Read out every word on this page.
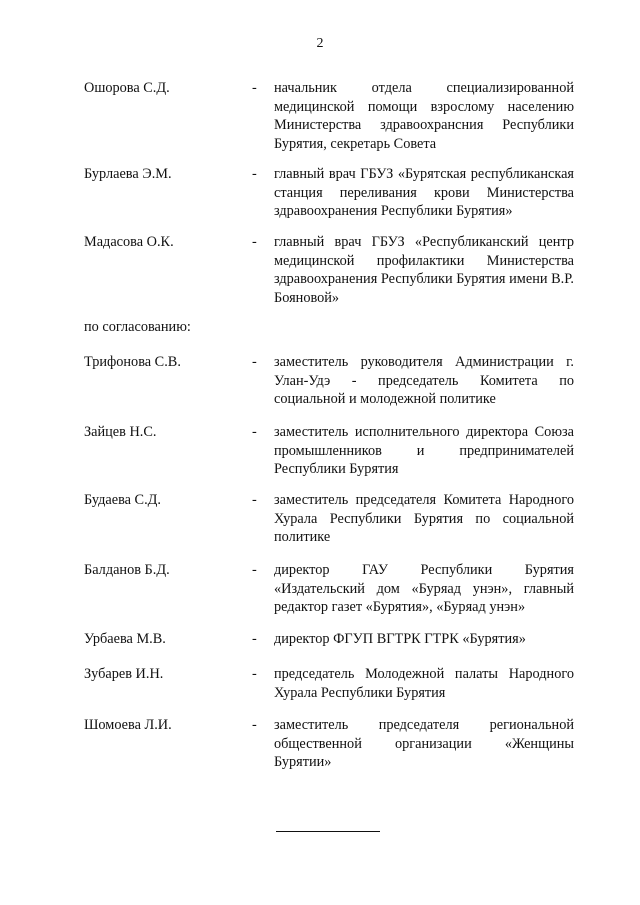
2
Ошорова С.Д.	- начальник отдела специализированной медицинской помощи взрослому населению Министерства здравоохрансния Республики Бурятия, секретарь Совета
Бурлаева Э.М.	- главный врач ГБУЗ «Бурятская республиканская станция переливания крови Министерства здравоохранения Республики Бурятия»
Мадасова О.К.	- главный врач ГБУЗ «Республиканский центр медицинской профилактики Министерства здравоохранения Республики Бурятия имени В.Р. Бояновой»
по согласованию:
Трифонова С.В.	- заместитель руководителя Администрации г. Улан-Удэ - председатель Комитета по социальной и молодежной политике
Зайцев Н.С.	- заместитель исполнительного директора Союза промышленников и предпринимателей Республики Бурятия
Будаева С.Д.	- заместитель председателя Комитета Народного Хурала Республики Бурятия по социальной политике
Балданов Б.Д.	- директор ГАУ Республики Бурятия «Издательский дом «Буряад унэн», главный редактор газет «Бурятия», «Буряад унэн»
Урбаева М.В.	- директор ФГУП ВГТРК ГТРК «Бурятия»
Зубарев И.Н.	- председатель Молодежной палаты Народного Хурала Республики Бурятия
Шомоева Л.И.	- заместитель председателя региональной общественной организации «Женщины Бурятии»
